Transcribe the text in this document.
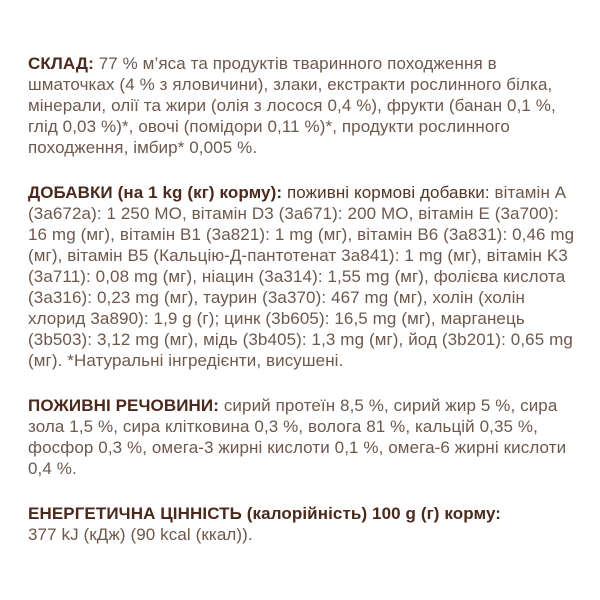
СКЛАД: 77 % м’яса та продуктів тваринного походження в шматочках (4 % з яловичини), злаки, екстракти рослинного білка, мінерали, олії та жири (олія з лосося 0,4 %), фрукти (банан 0,1 %, глід 0,03 %)*, овочі (помідори 0,11 %)*, продукти рослинного походження, імбир* 0,005 %.

ДОБАВКИ (на 1 kg (кг) корму): поживні кормові добавки: вітамін A (3a672a): 1 250 МО, вітамін D3 (3a671): 200 МО, вітамін E (3a700): 16 mg (мг), вітамін B1 (3a821): 1 mg (мг), вітамін B6 (3a831): 0,46 mg (мг), вітамін B5 (Кальцію-Д-пантотенат 3a841): 1 mg (мг), вітамін K3 (3a711): 0,08 mg (мг), ніацин (3a314): 1,55 mg (мг), фолієва кислота (3a316): 0,23 mg (мг), таурин (3a370): 467 mg (мг), холін (холін хлорид 3a890): 1,9 g (г); цинк (3b605): 16,5 mg (мг), марганець (3b503): 3,12 mg (мг), мідь (3b405): 1,3 mg (мг), йод (3b201): 0,65 mg (мг). *Натуральні інгредієнти, висушені.

ПОЖИВНІ РЕЧОВИНИ: сирий протеїн 8,5 %, сирий жир 5 %, сира зола 1,5 %, сира клітковина 0,3 %, волога 81 %, кальцій 0,35 %, фосфор 0,3 %, омега-3 жирні кислоти 0,1 %, омега-6 жирні кислоти 0,4 %.

ЕНЕРГЕТИЧНА ЦІННІСТЬ (калорійність) 100 g (г) корму:
377 kJ (кДж) (90 kcal (ккал)).
